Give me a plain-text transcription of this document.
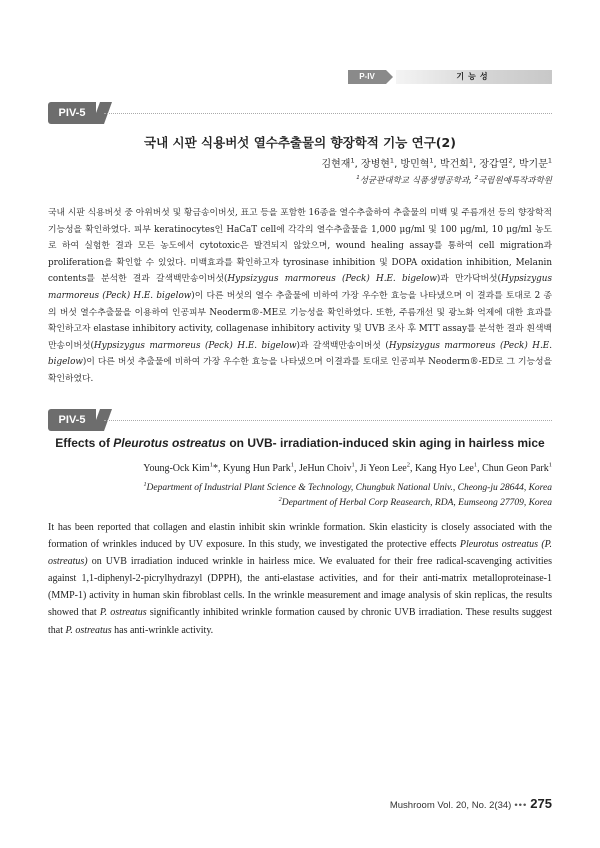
P-IV	기능성
PIV-5
국내 시판 식용버섯 열수추출물의 향장학적 기능 연구(2)
김현재$^1$, 장병현$^1$, 방민혁$^1$, 박건희$^1$, 장갑열$^2$, 박기문$^1$
$^1$성균관대학교 식품생명공학과, $^2$국립원예특작과학원

국내 시판 식용버섯 중 아위버섯 및 황금송이버섯, 표고 등을 포함한 16종을 열수추출하여 추출물의 미백 및 주름개선 등의 향장학적 기능성을 확인하였다. 피부 keratinocytes인 HaCaT cell에 각각의 열수추출물을 1,000 μg/ml 및 100 μg/ml, 10 μg/ml 농도로 하여 실험한 결과 모든 농도에서 cytotoxic은 발견되지 않았으며, wound healing assay를 통하여 cell migration과 proliferation을 확인할 수 있었다. 미백효과를 확인하고자 tyrosinase inhibition 및 DOPA oxidation inhibition, Melanin contents를 분석한 결과 갈색백만송이버섯(Hypsizygus marmoreus (Peck) H.E. bigelow)과 만가닥버섯(Hypsizygus marmoreus (Peck) H.E. bigelow)이 다른 버섯의 열수 추출물에 비하여 가장 우수한 효능을 나타냈으며 이 결과를 토대로 2 종의 버섯 열수추출물을 이용하여 인공피부 Neoderm®-ME로 기능성을 확인하였다. 또한, 주름개선 및 광노화 억제에 대한 효과를 확인하고자 elastase inhibitory activity, collagenase inhibitory activity 및 UVB 조사 후 MTT assay를 분석한 결과 흰색백만송이버섯(Hypsizygus marmoreus (Peck) H.E. bigelow)과 갈색백만송이버섯 (Hypsizygus marmoreus (Peck) H.E. bigelow)이 다른 버섯 추출물에 비하여 가장 우수한 효능을 나타냈으며 이결과를 토대로 인공피부 Neoderm®-ED로 그 기능성을 확인하였다.

PIV-5
Effects of Pleurotus ostreatus on UVB- irradiation-induced skin aging in hairless mice
Young-Ock Kim$^1$*, Kyung Hun Park$^1$, JeHun Choiv$^1$, Ji Yeon Lee$^2$, Kang Hyo Lee$^1$, Chun Geon Park$^1$
$^1$Department of Industrial Plant Science & Technology, Chungbuk National Univ., Cheong-ju 28644, Korea
$^2$Department of Herbal Corp Reasearch, RDA, Eumseong 27709, Korea

It has been reported that collagen and elastin inhibit skin wrinkle formation. Skin elasticity is closely associated with the formation of wrinkles induced by UV exposure. In this study, we investigated the protective effects Pleurotus ostreatus (P. ostreatus) on UVB irradiation induced wrinkle in hairless mice. We evaluated for their free radical-scavenging activities against 1,1-diphenyl-2-picrylhydrazyl (DPPH), the anti-elastase activities, and for their anti-matrix metalloproteinase-1 (MMP-1) activity in human skin fibroblast cells. In the wrinkle measurement and image analysis of skin replicas, the results showed that P. ostreatus significantly inhibited wrinkle formation caused by chronic UVB irradiation. These results suggest that P. ostreatus has anti-wrinkle activity.

Mushroom Vol. 20, No. 2(34) ••• 275
